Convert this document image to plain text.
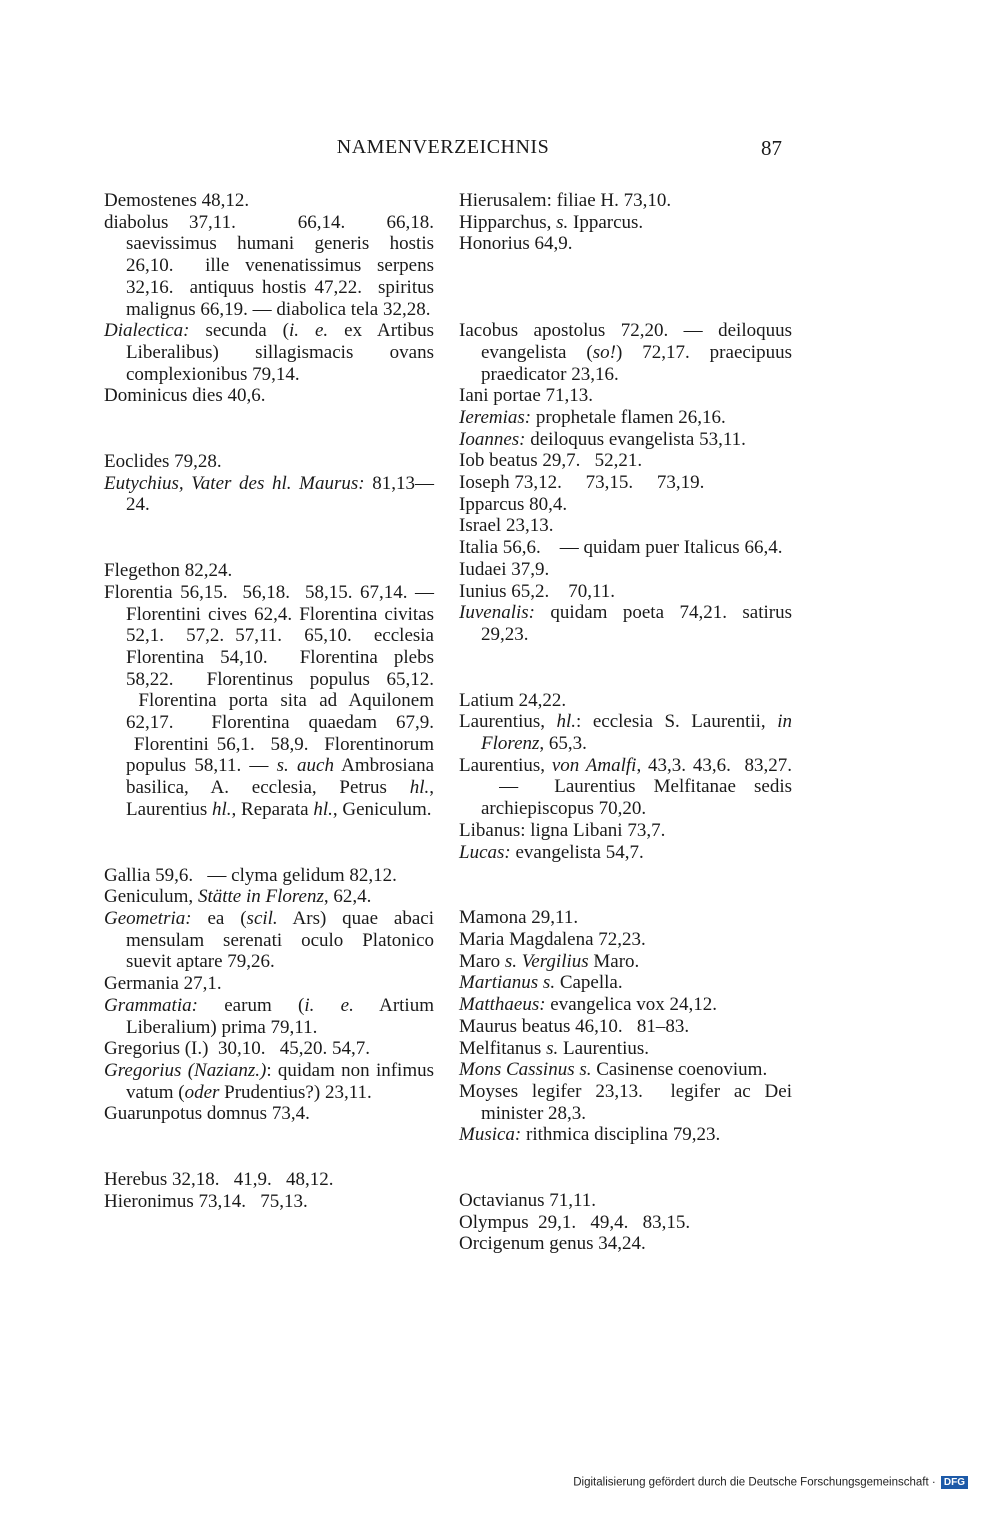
NAMENVERZEICHNIS	87
Demostenes 48,12.
diabolus 37,11.   66,14.  66,18. saevissimus humani generis hostis 26,10.  ille venenatissimus serpens 32,16.  antiquus hostis 47,22.  spiritus malignus 66,19. — diabolica tela 32,28.
Dialectica: secunda (i. e. ex Artibus Liberalibus) sillagismacis ovans complexionibus 79,14.
Dominicus dies 40,6.
Eoclides 79,28.
Eutychius, Vater des hl. Maurus: 81,13—24.
Flegethon 82,24.
Florentia 56,15.  56,18.  58,15. 67,14. — Florentini cives 62,4. Florentina civitas 52,1.  57,2. 57,11.  65,10.  ecclesia Florentina 54,10.  Florentina plebs 58,22.  Florentinus populus 65,12.  Florentina porta sita ad Aquilonem 62,17.  Florentina quaedam 67,9.  Florentini 56,1.  58,9.  Florentinorum populus 58,11. — s. auch Ambrosiana basilica, A. ecclesia, Petrus hl., Laurentius hl., Reparata hl., Geniculum.
Gallia 59,6.   — clyma gelidum 82,12.
Geniculum, Stätte in Florenz, 62,4.
Geometria: ea (scil. Ars) quae abaci mensulam serenati oculo Platonico suevit aptare 79,26.
Germania 27,1.
Grammatia: earum (i. e. Artium Liberalium) prima 79,11.
Gregorius (I.)  30,10.   45,20. 54,7.
Gregorius (Nazianz.): quidam non infimus vatum (oder Prudentius?) 23,11.
Guarunpotus domnus 73,4.
Herebus 32,18.   41,9.   48,12.
Hieronimus 73,14.   75,13.
Hierusalem: filiae H. 73,10.
Hipparchus, s. Ipparcus.
Honorius 64,9.
Iacobus apostolus 72,20. — deiloquus evangelista (so!) 72,17. praecipuus praedicator 23,16.
Iani portae 71,13.
Ieremias: prophetale flamen 26,16.
Ioannes: deiloquus evangelista 53,11.
Iob beatus 29,7.   52,21.
Ioseph 73,12.     73,15.     73,19.
Ipparcus 80,4.
Israel 23,13.
Italia 56,6.    — quidam puer Italicus 66,4.
Iudaei 37,9.
Iunius 65,2.    70,11.
Iuvenalis: quidam poeta 74,21. satirus 29,23.
Latium 24,22.
Laurentius, hl.: ecclesia S. Laurentii, in Florenz, 65,3.
Laurentius, von Amalfi, 43,3. 43,6.  83,27.  —  Laurentius Melfitanae sedis archiepiscopus 70,20.
Libanus: ligna Libani 73,7.
Lucas: evangelista 54,7.
Mamona 29,11.
Maria Magdalena 72,23.
Maro s. Vergilius Maro.
Martianus s. Capella.
Matthaeus: evangelica vox 24,12.
Maurus beatus 46,10.   81–83.
Melfitanus s. Laurentius.
Mons Cassinus s. Casinense coenovium.
Moyses legifer 23,13.  legifer ac Dei minister 28,3.
Musica: rithmica disciplina 79,23.
Octavianus 71,11.
Olympus  29,1.   49,4.   83,15.
Orcigenum genus 34,24.
Digitalisierung gefördert durch die Deutsche Forschungsgemeinschaft · DFG
